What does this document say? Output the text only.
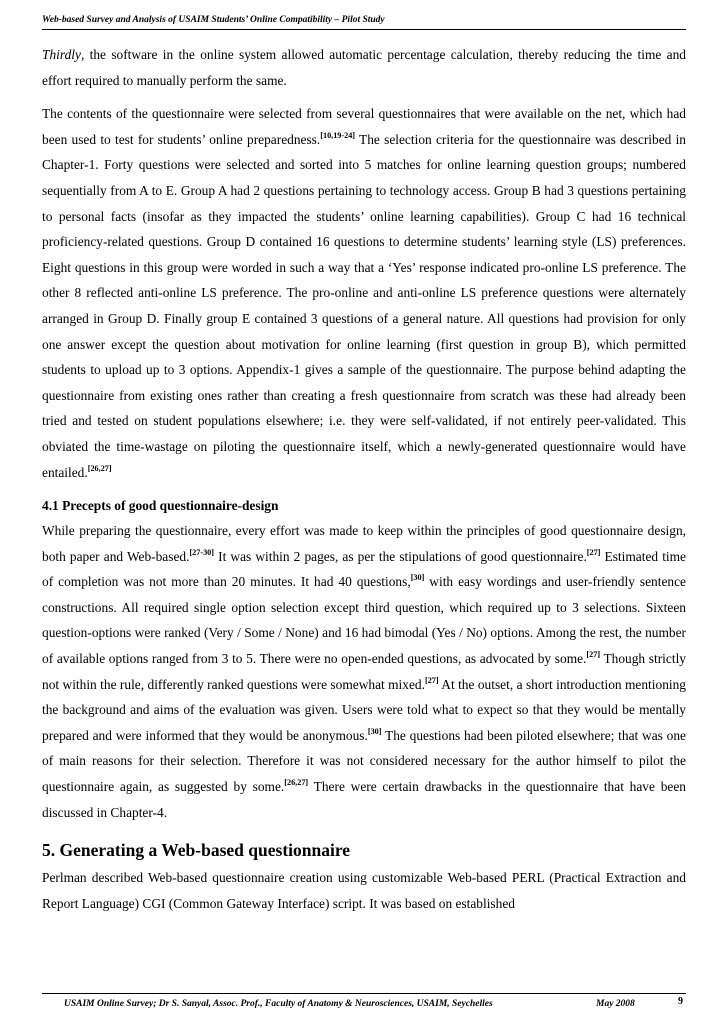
Web-based Survey and Analysis of USAIM Students’ Online Compatibility – Pilot Study

Thirdly, the software in the online system allowed automatic percentage calculation, thereby reducing the time and effort required to manually perform the same.

The contents of the questionnaire were selected from several questionnaires that were available on the net, which had been used to test for students’ online preparedness.[10,19-24] The selection criteria for the questionnaire was described in Chapter-1. Forty questions were selected and sorted into 5 matches for online learning question groups; numbered sequentially from A to E. Group A had 2 questions pertaining to technology access. Group B had 3 questions pertaining to personal facts (insofar as they impacted the students’ online learning capabilities). Group C had 16 technical proficiency-related questions. Group D contained 16 questions to determine students’ learning style (LS) preferences. Eight questions in this group were worded in such a way that a ‘Yes’ response indicated pro-online LS preference. The other 8 reflected anti-online LS preference. The pro-online and anti-online LS preference questions were alternately arranged in Group D. Finally group E contained 3 questions of a general nature. All questions had provision for only one answer except the question about motivation for online learning (first question in group B), which permitted students to upload up to 3 options. Appendix-1 gives a sample of the questionnaire. The purpose behind adapting the questionnaire from existing ones rather than creating a fresh questionnaire from scratch was these had already been tried and tested on student populations elsewhere; i.e. they were self-validated, if not entirely peer-validated. This obviated the time-wastage on piloting the questionnaire itself, which a newly-generated questionnaire would have entailed.[26,27]

4.1 Precepts of good questionnaire-design

While preparing the questionnaire, every effort was made to keep within the principles of good questionnaire design, both paper and Web-based.[27-30] It was within 2 pages, as per the stipulations of good questionnaire.[27] Estimated time of completion was not more than 20 minutes. It had 40 questions,[30] with easy wordings and user-friendly sentence constructions. All required single option selection except third question, which required up to 3 selections. Sixteen question-options were ranked (Very / Some / None) and 16 had bimodal (Yes / No) options. Among the rest, the number of available options ranged from 3 to 5. There were no open-ended questions, as advocated by some.[27] Though strictly not within the rule, differently ranked questions were somewhat mixed.[27] At the outset, a short introduction mentioning the background and aims of the evaluation was given. Users were told what to expect so that they would be mentally prepared and were informed that they would be anonymous.[30] The questions had been piloted elsewhere; that was one of main reasons for their selection. Therefore it was not considered necessary for the author himself to pilot the questionnaire again, as suggested by some.[26,27] There were certain drawbacks in the questionnaire that have been discussed in Chapter-4.

5. Generating a Web-based questionnaire

Perlman described Web-based questionnaire creation using customizable Web-based PERL (Practical Extraction and Report Language) CGI (Common Gateway Interface) script. It was based on established

USAIM Online Survey; Dr S. Sanyal, Assoc. Prof., Faculty of Anatomy & Neurosciences, USAIM, Seychelles	May 2008	9
